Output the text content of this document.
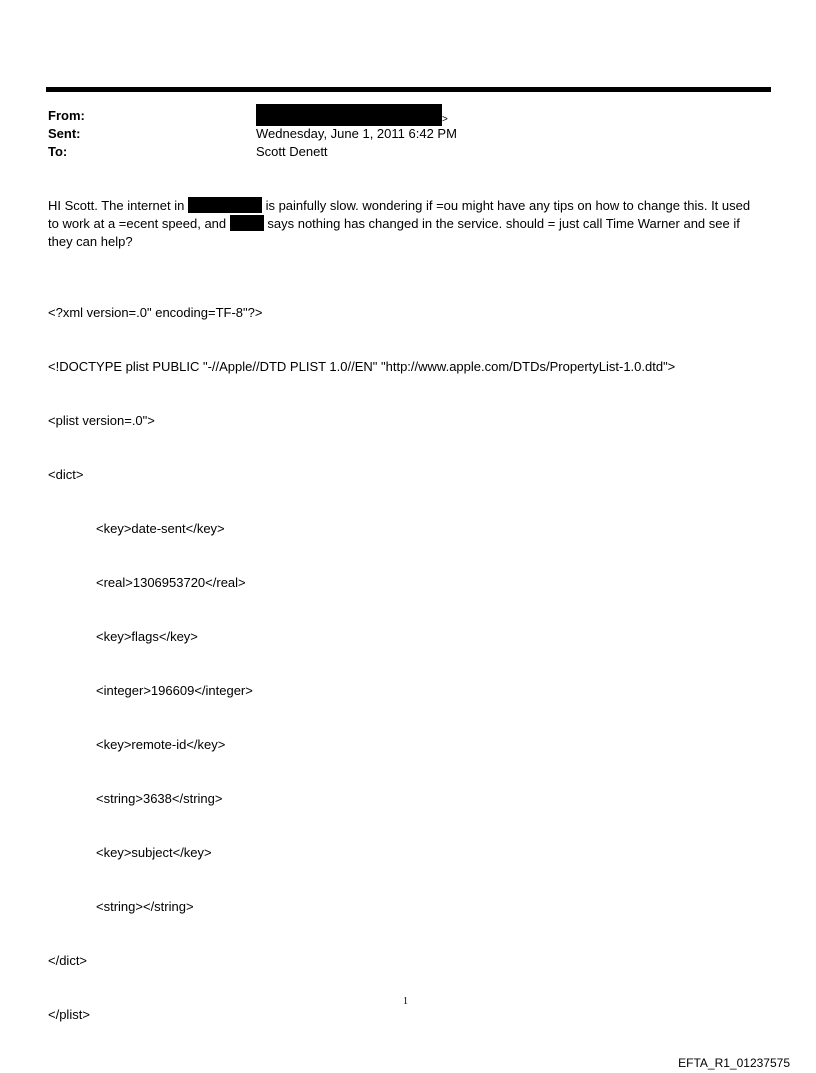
From:	>
Sent:	Wednesday, June 1, 2011 6:42 PM
To:	Scott Denett

HI Scott. The internet in	is painfully slow. wondering if =ou might have any tips on how to change this. It used to work at a =ecent speed, and	says nothing has changed in the service. should = just call Time Warner and see if they can help?

<?xml version=.0" encoding=TF-8"?>

<!DOCTYPE plist PUBLIC "-//Apple//DTD PLIST 1.0//EN" "http://www.apple.com/DTDs/PropertyList-1.0.dtd">

<plist version=.0">

<dict>

<key>date-sent</key>

<real>1306953720</real>

<key>flags</key>

<integer>196609</integer>

<key>remote-id</key>

<string>3638</string>

<key>subject</key>

<string></string>

</dict>

</plist>

1
EFTA_R1_01237575
